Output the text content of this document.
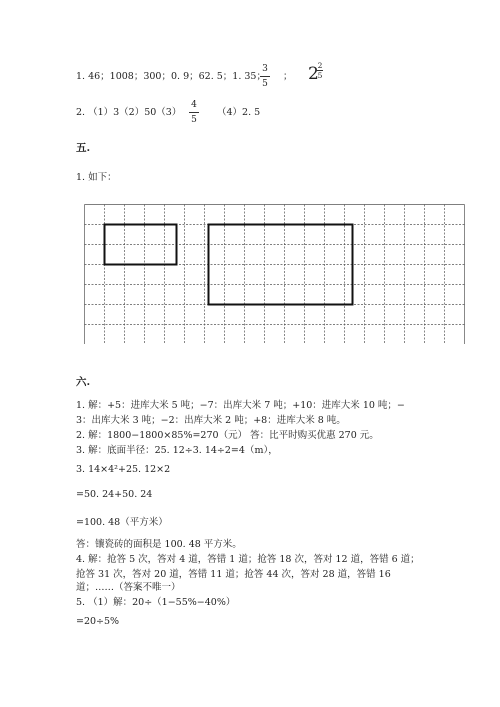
1. 46；1008；300；0. 9；62. 5；1. 35；
3
5
； 2
2
5
2. （1）3（2）50（3）
4
5
（4）2. 5
五.
1. 如下：
六.
1. 解：+5：进库大米 5 吨；−7：出库大米 7 吨；+10：进库大米 10 吨；−
3：出库大米 3 吨；−2：出库大米 2 吨；+8：进库大米 8 吨。
2. 解：1800−1800×85%=270（元） 答：比平时购买优惠 270 元。
3. 解：底面半径：25. 12÷3. 14÷2=4（m），
3. 14×4²+25. 12×2
=50. 24+50. 24
=100. 48（平方米）
答：镶瓷砖的面积是 100. 48 平方米。
4. 解：抢答 5 次，答对 4 道，答错 1 道；抢答 18 次，答对 12 道，答错 6 道；
抢答 31 次，答对 20 道，答错 11 道；抢答 44 次，答对 28 道，答错 16
道；……（答案不唯一）
5. （1）解：20÷（1−55%−40%）
=20÷5%
